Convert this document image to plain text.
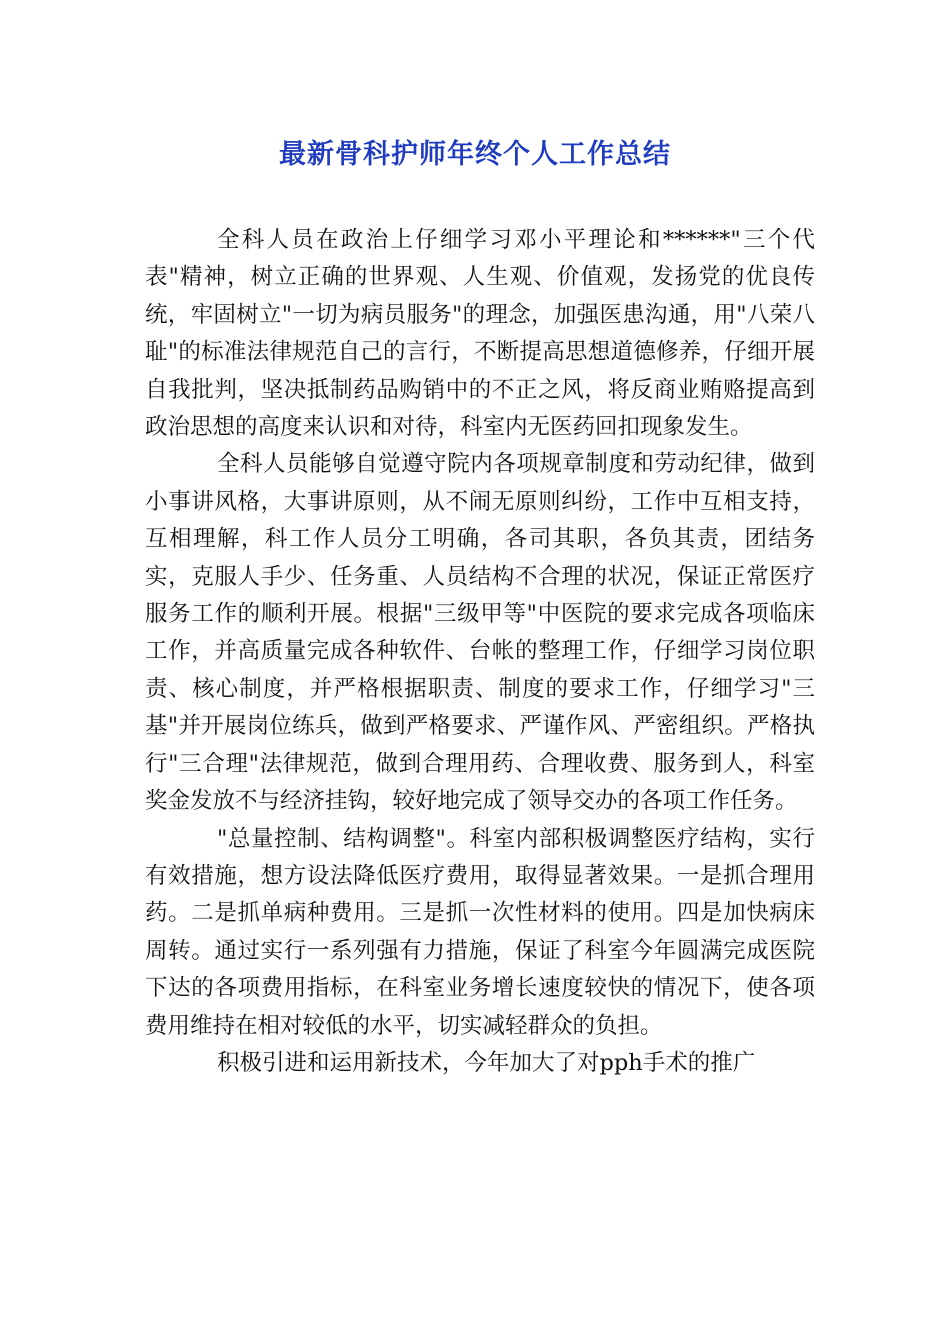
最新骨科护师年终个人工作总结

全科人员在政治上仔细学习邓小平理论和******"三个代表"精神，树立正确的世界观、人生观、价值观，发扬党的优良传统，牢固树立"一切为病员服务"的理念，加强医患沟通，用"八荣八耻"的标准法律规范自己的言行，不断提高思想道德修养，仔细开展自我批判，坚决抵制药品购销中的不正之风，将反商业贿赂提高到政治思想的高度来认识和对待，科室内无医药回扣现象发生。

全科人员能够自觉遵守院内各项规章制度和劳动纪律，做到小事讲风格，大事讲原则，从不闹无原则纠纷，工作中互相支持，互相理解，科工作人员分工明确，各司其职，各负其责，团结务实，克服人手少、任务重、人员结构不合理的状况，保证正常医疗服务工作的顺利开展。根据"三级甲等"中医院的要求完成各项临床工作，并高质量完成各种软件、台帐的整理工作，仔细学习岗位职责、核心制度，并严格根据职责、制度的要求工作，仔细学习"三基"并开展岗位练兵，做到严格要求、严谨作风、严密组织。严格执行"三合理"法律规范，做到合理用药、合理收费、服务到人，科室奖金发放不与经济挂钩，较好地完成了领导交办的各项工作任务。

"总量控制、结构调整"。科室内部积极调整医疗结构，实行有效措施，想方设法降低医疗费用，取得显著效果。一是抓合理用药。二是抓单病种费用。三是抓一次性材料的使用。四是加快病床周转。通过实行一系列强有力措施，保证了科室今年圆满完成医院下达的各项费用指标，在科室业务增长速度较快的情况下，使各项费用维持在相对较低的水平，切实减轻群众的负担。

积极引进和运用新技术，今年加大了对pph手术的推广
